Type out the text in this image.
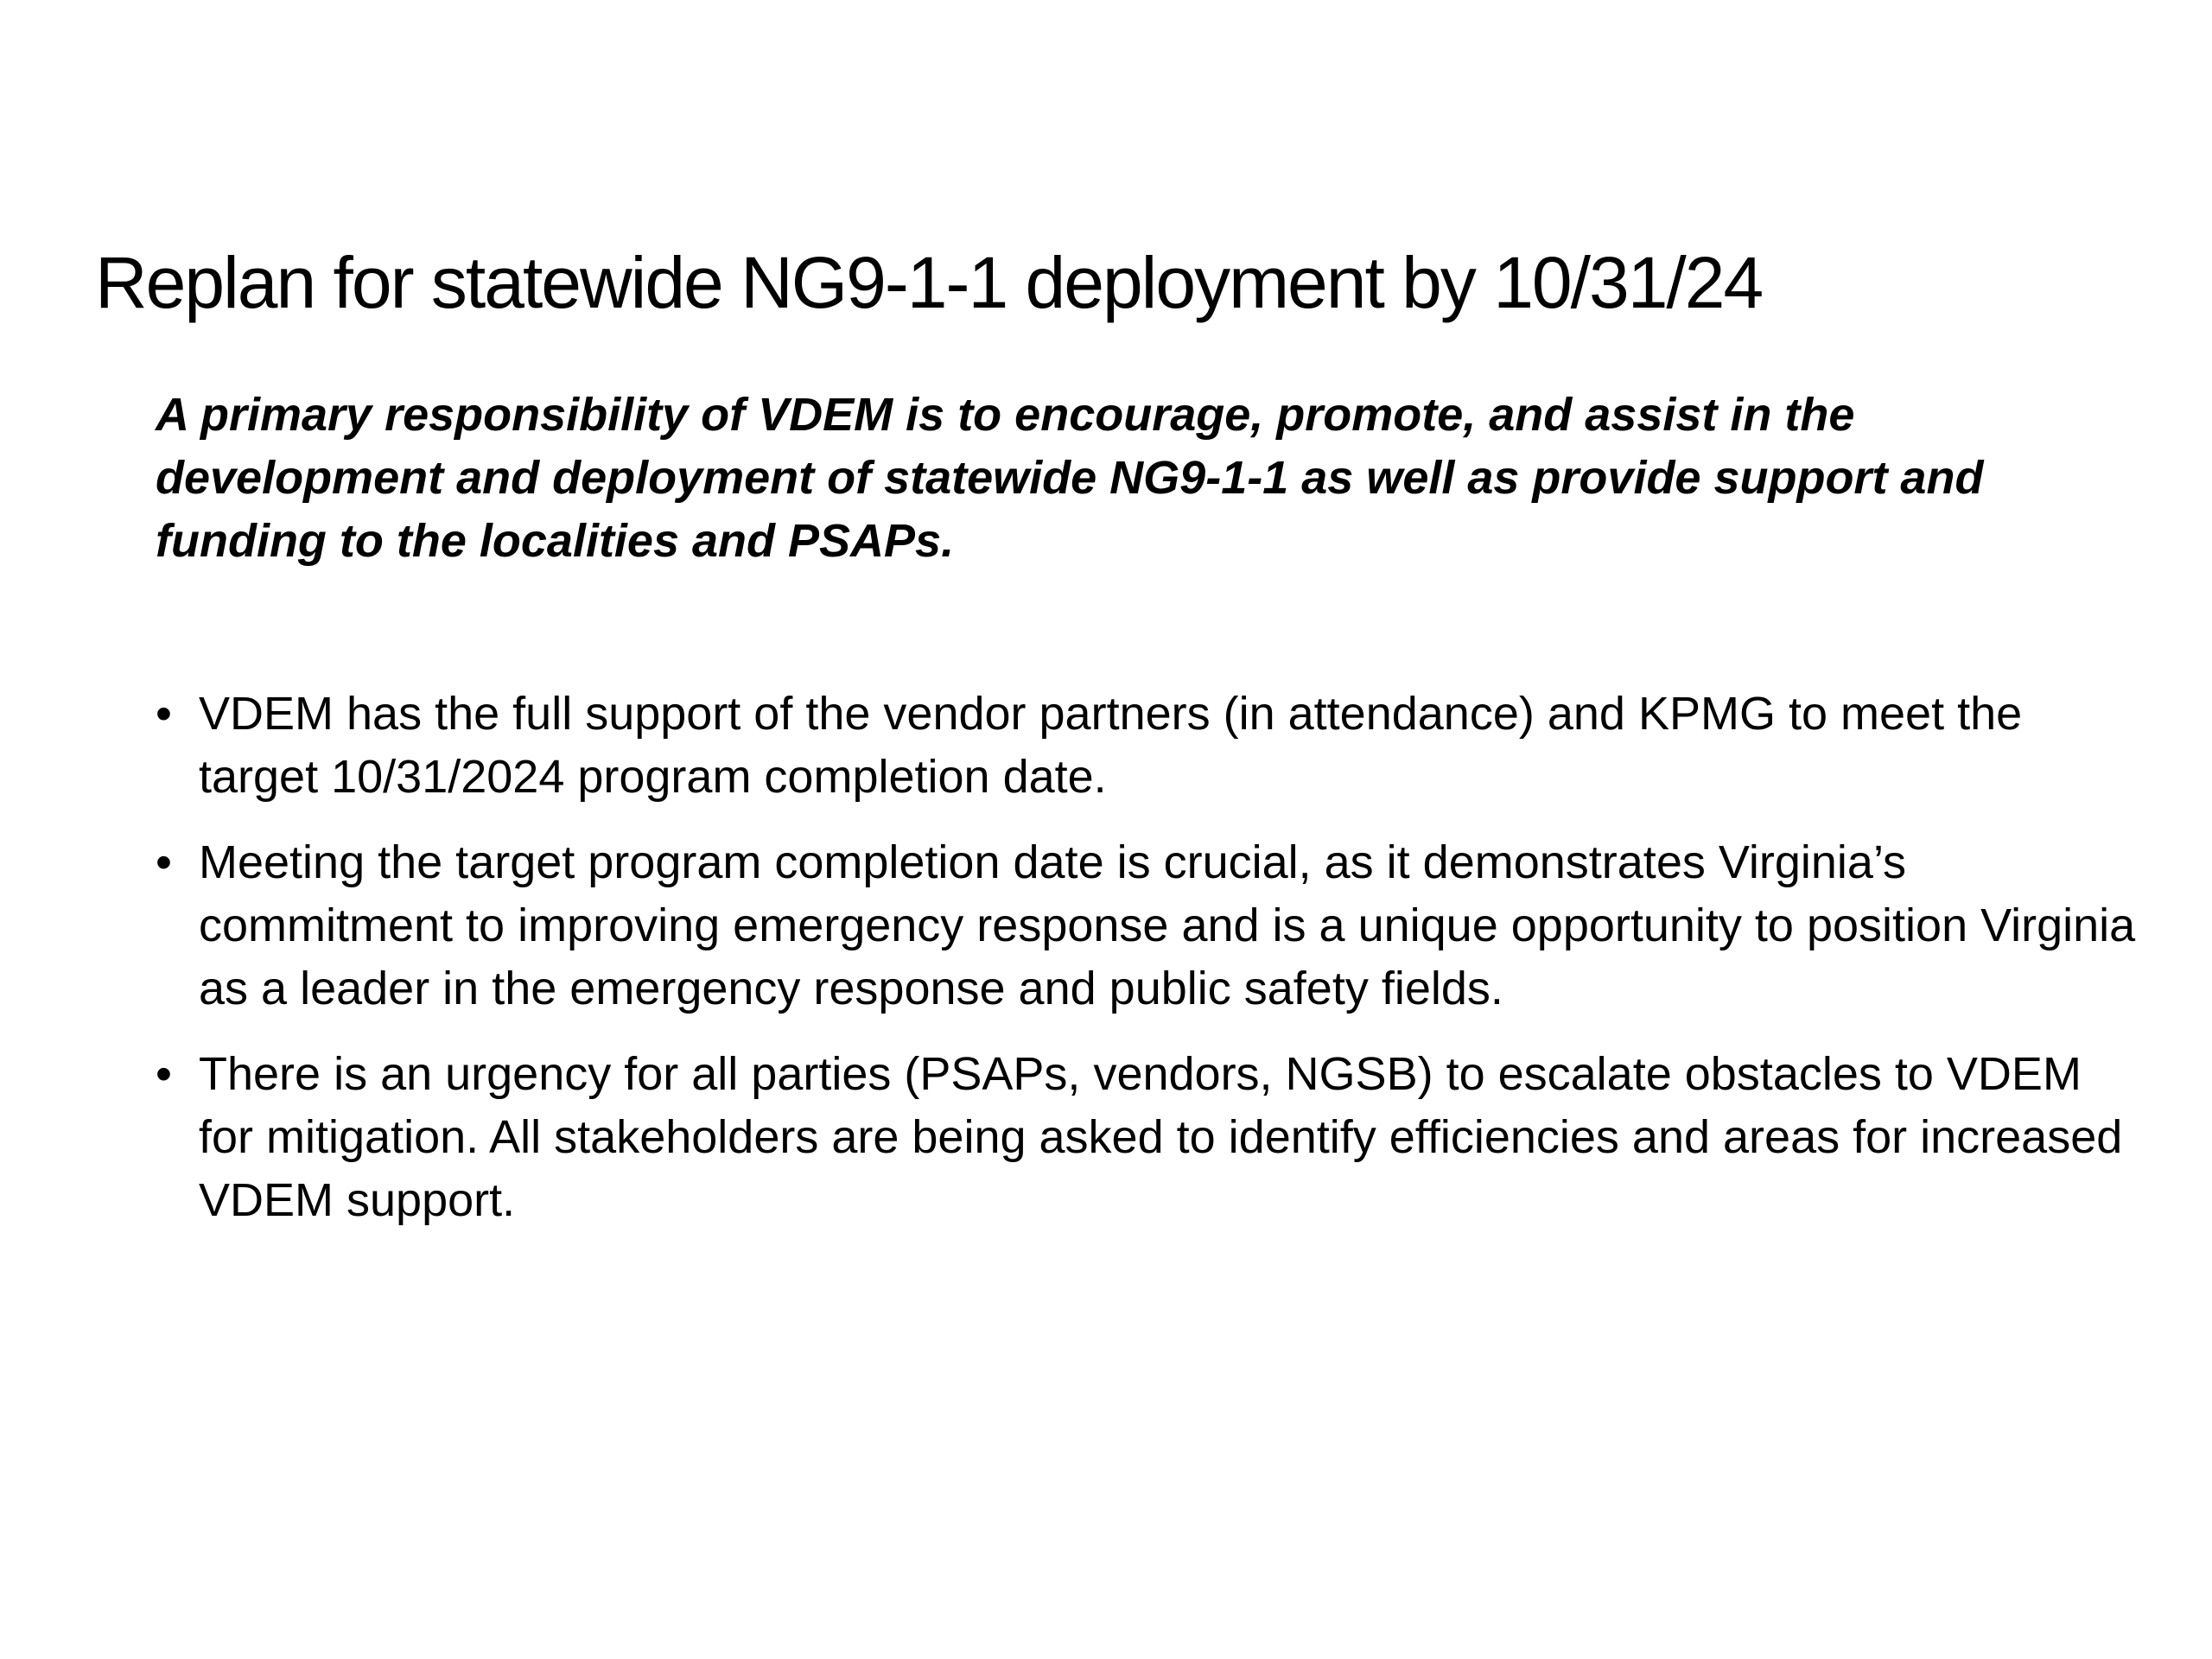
Replan for statewide NG9-1-1 deployment by 10/31/24

A primary responsibility of VDEM is to encourage, promote, and assist in the development and deployment of statewide NG9-1-1 as well as provide support and funding to the localities and PSAPs.

• VDEM has the full support of the vendor partners (in attendance) and KPMG to meet the target 10/31/2024 program completion date.
• Meeting the target program completion date is crucial, as it demonstrates Virginia’s commitment to improving emergency response and is a unique opportunity to position Virginia as a leader in the emergency response and public safety fields.
• There is an urgency for all parties (PSAPs, vendors, NGSB) to escalate obstacles to VDEM for mitigation. All stakeholders are being asked to identify efficiencies and areas for increased VDEM support.
